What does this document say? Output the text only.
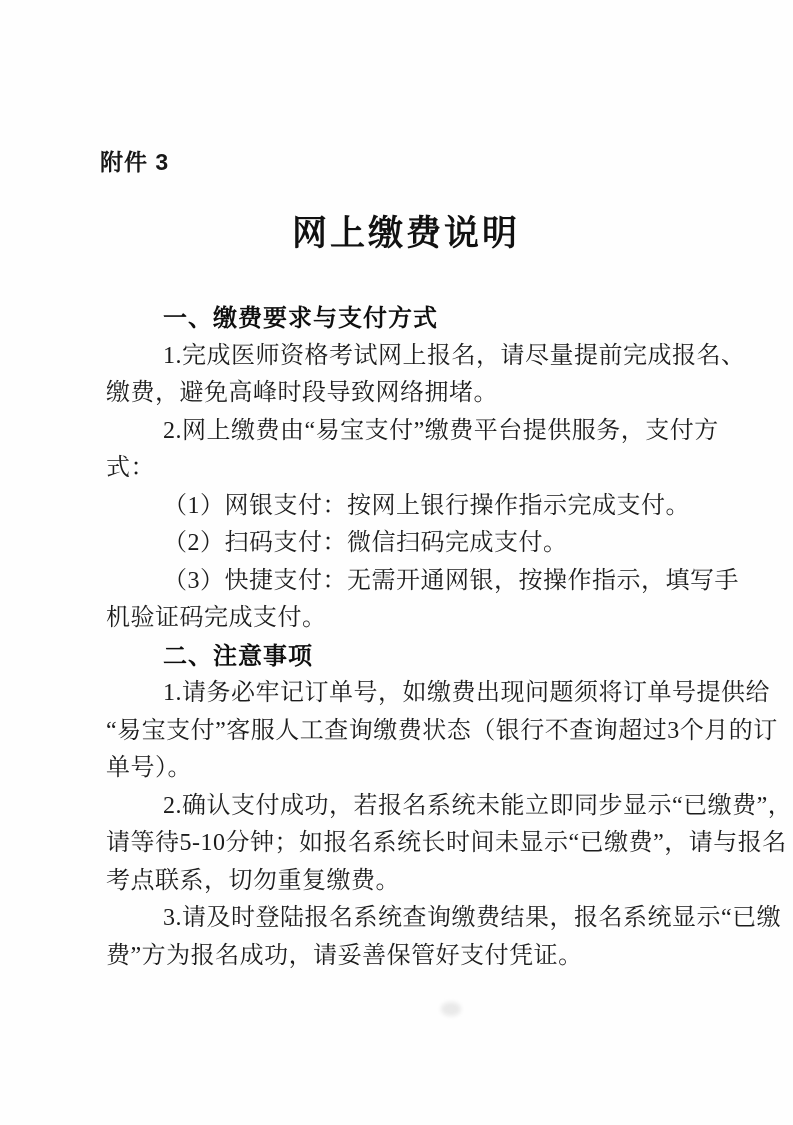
附件 3
网上缴费说明
一、缴费要求与支付方式
1.完成医师资格考试网上报名，请尽量提前完成报名、
缴费，避免高峰时段导致网络拥堵。
2.网上缴费由“易宝支付”缴费平台提供服务，支付方
式：
（1）网银支付：按网上银行操作指示完成支付。
（2）扫码支付：微信扫码完成支付。
（3）快捷支付：无需开通网银，按操作指示，填写手
机验证码完成支付。
二、注意事项
1.请务必牢记订单号，如缴费出现问题须将订单号提供给
“易宝支付”客服人工查询缴费状态（银行不查询超过3个月的订
单号）。
2.确认支付成功，若报名系统未能立即同步显示“已缴费”，
请等待5-10分钟；如报名系统长时间未显示“已缴费”，请与报名
考点联系，切勿重复缴费。
3.请及时登陆报名系统查询缴费结果，报名系统显示“已缴
费”方为报名成功，请妥善保管好支付凭证。
